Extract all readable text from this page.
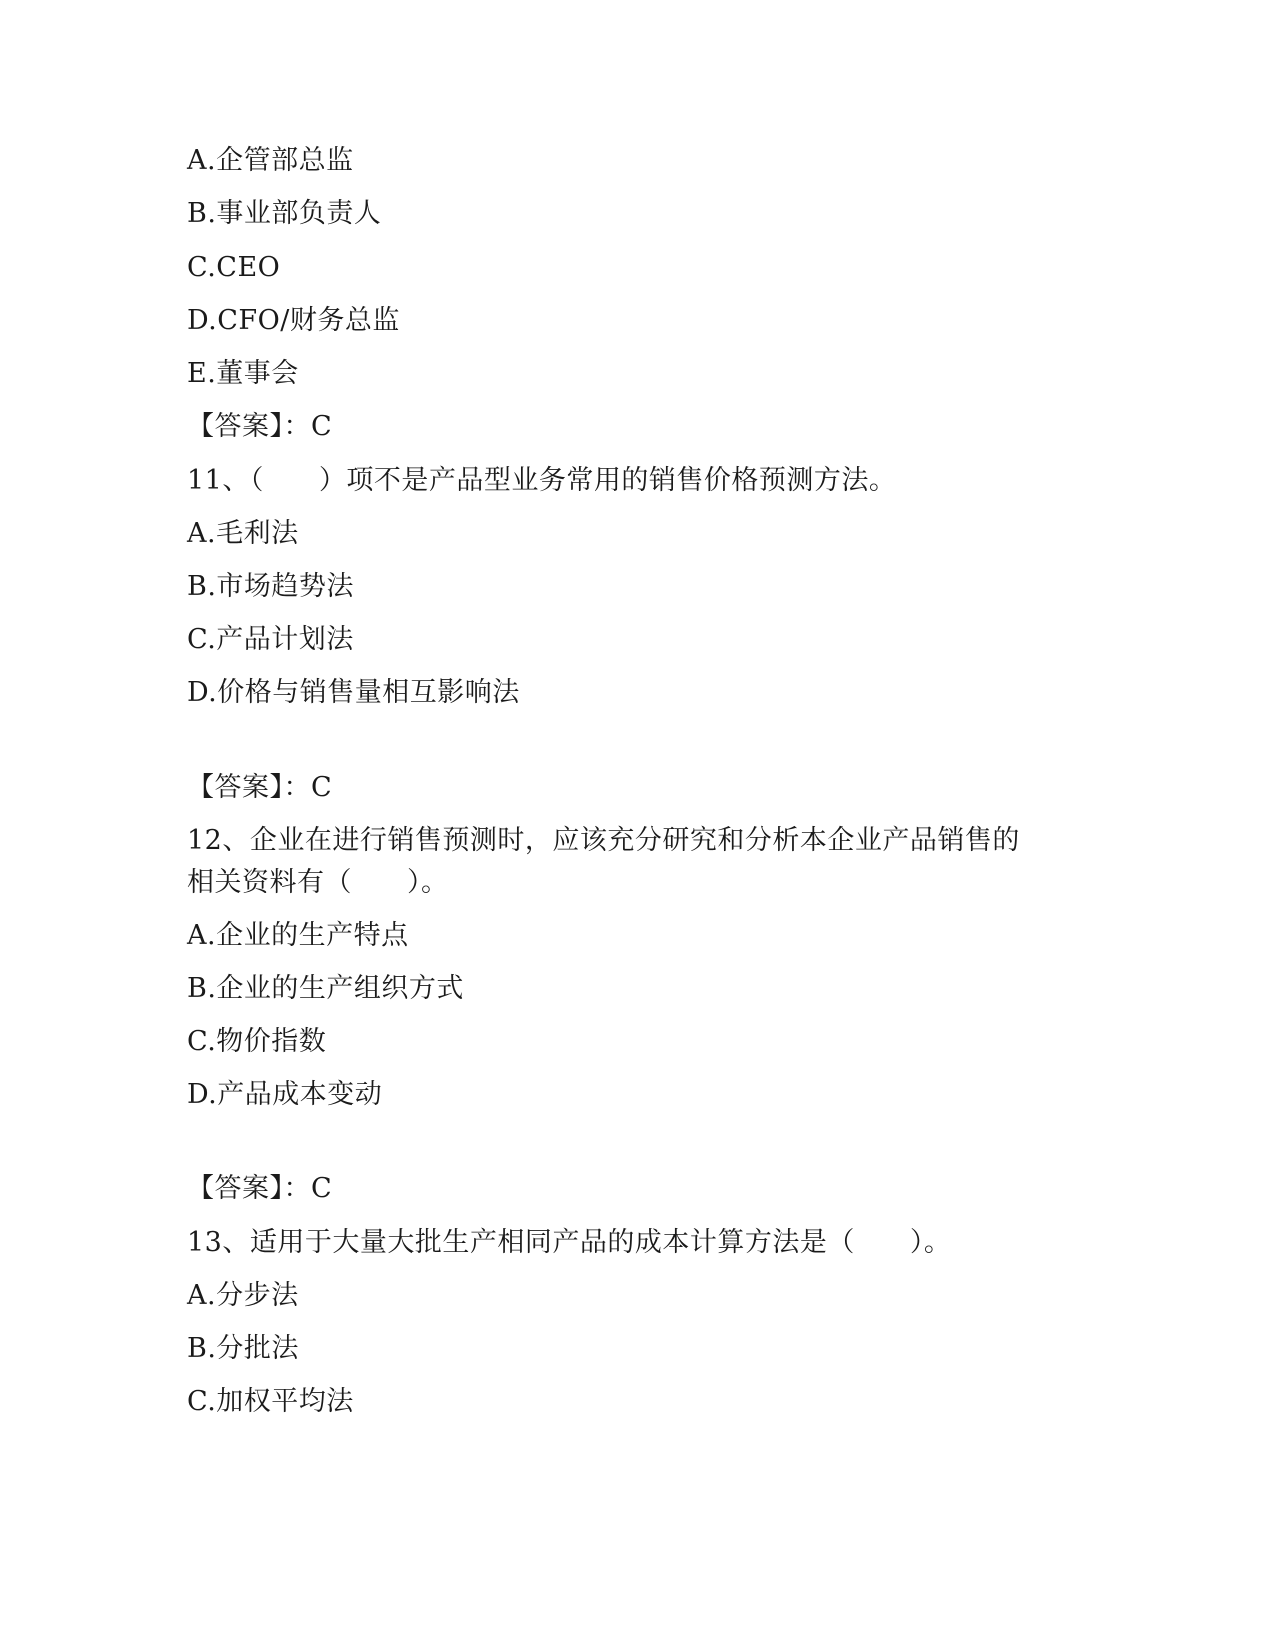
A.企管部总监
B.事业部负责人
C.CEO
D.CFO/财务总监
E.董事会
【答案】：C
11、（　　）项不是产品型业务常用的销售价格预测方法。
A.毛利法
B.市场趋势法
C.产品计划法
D.价格与销售量相互影响法
【答案】：C
12、企业在进行销售预测时，应该充分研究和分析本企业产品销售的
相关资料有（　　）。
A.企业的生产特点
B.企业的生产组织方式
C.物价指数
D.产品成本变动
【答案】：C
13、适用于大量大批生产相同产品的成本计算方法是（　　）。
A.分步法
B.分批法
C.加权平均法
